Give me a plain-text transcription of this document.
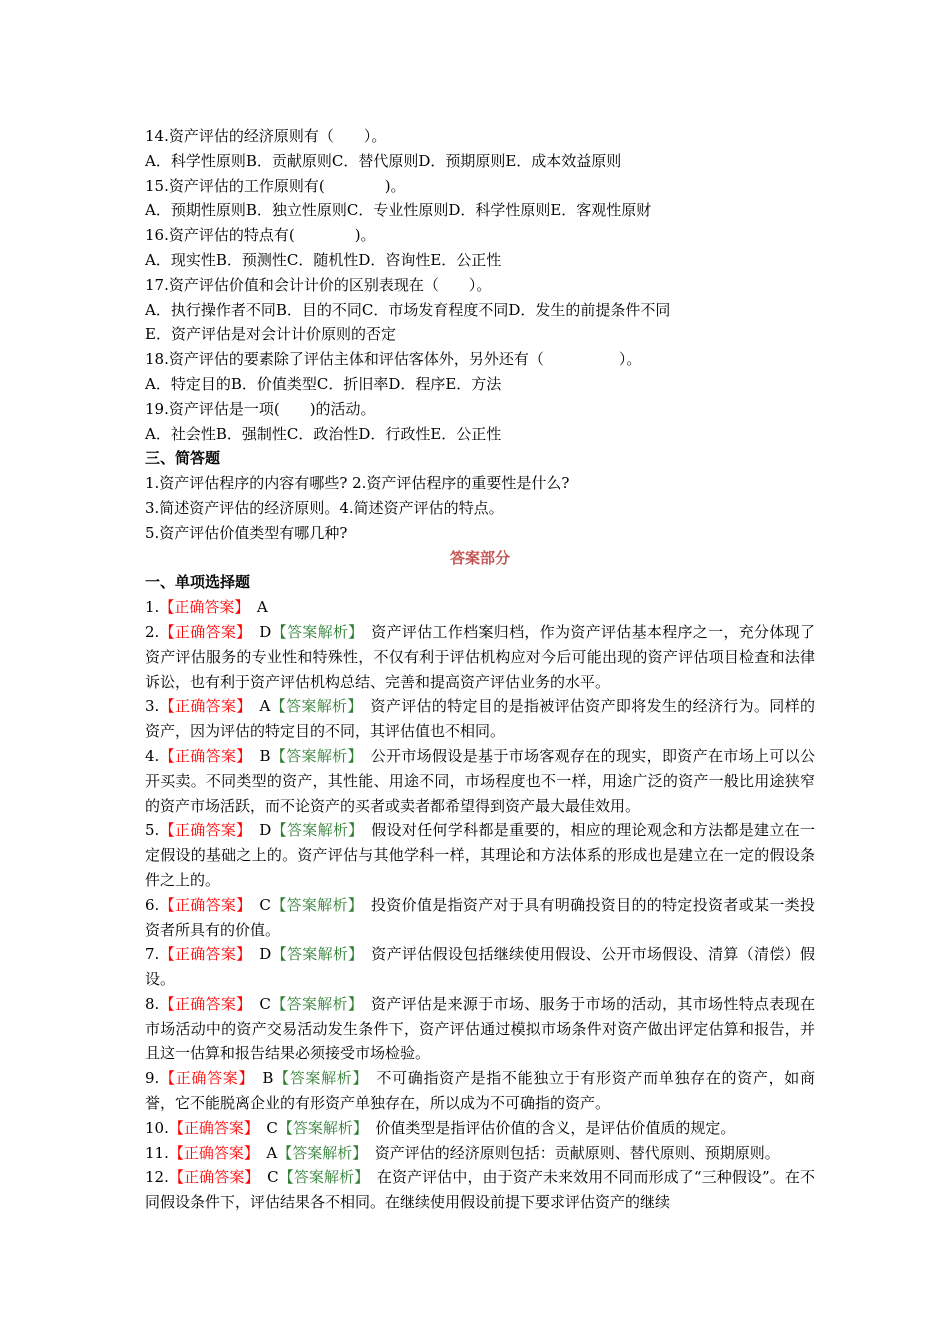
14.资产评估的经济原则有（　　）。
A．科学性原则B．贡献原则C．替代原则D．预期原则E．成本效益原则
15.资产评估的工作原则有(　　　　)。
A．预期性原则B．独立性原则C．专业性原则D．科学性原则E．客观性原财
16.资产评估的特点有(　　　　)。
A．现实性B．预测性C．随机性D．咨询性E．公正性
17.资产评估价值和会计计价的区别表现在（　　）。
A．执行操作者不同B．目的不同C．市场发育程度不同D．发生的前提条件不同
E．资产评估是对会计计价原则的否定
18.资产评估的要素除了评估主体和评估客体外，另外还有（　　　　　）。
A．特定目的B．价值类型C．折旧率D．程序E．方法
19.资产评估是一项(　　)的活动。
A．社会性B．强制性C．政治性D．行政性E．公正性
三、简答题
1.资产评估程序的内容有哪些? 2.资产评估程序的重要性是什么?
3.简述资产评估的经济原则。4.简述资产评估的特点。
5.资产评估价值类型有哪几种?
答案部分
一、单项选择题
1.【正确答案】　A
2.【正确答案】　D【答案解析】　资产评估工作档案归档，作为资产评估基本程序之一，充分体现了资产评估服务的专业性和特殊性，不仅有利于评估机构应对今后可能出现的资产评估项目检查和法律诉讼，也有利于资产评估机构总结、完善和提高资产评估业务的水平。
3.【正确答案】　A【答案解析】　资产评估的特定目的是指被评估资产即将发生的经济行为。同样的资产，因为评估的特定目的不同，其评估值也不相同。
4.【正确答案】　B【答案解析】　公开市场假设是基于市场客观存在的现实，即资产在市场上可以公开买卖。不同类型的资产，其性能、用途不同，市场程度也不一样，用途广泛的资产一般比用途狭窄的资产市场活跃，而不论资产的买者或卖者都希望得到资产最大最佳效用。
5.【正确答案】　D【答案解析】　假设对任何学科都是重要的，相应的理论观念和方法都是建立在一定假设的基础之上的。资产评估与其他学科一样，其理论和方法体系的形成也是建立在一定的假设条件之上的。
6.【正确答案】　C【答案解析】　投资价值是指资产对于具有明确投资目的的特定投资者或某一类投资者所具有的价值。
7.【正确答案】　D【答案解析】　资产评估假设包括继续使用假设、公开市场假设、清算（清偿）假设。
8.【正确答案】　C【答案解析】　资产评估是来源于市场、服务于市场的活动，其市场性特点表现在市场活动中的资产交易活动发生条件下，资产评估通过模拟市场条件对资产做出评定估算和报告，并且这一估算和报告结果必须接受市场检验。
9.【正确答案】　B【答案解析】　不可确指资产是指不能独立于有形资产而单独存在的资产，如商誉，它不能脱离企业的有形资产单独存在，所以成为不可确指的资产。
10.【正确答案】　C【答案解析】　价值类型是指评估价值的含义，是评估价值质的规定。
11.【正确答案】　A【答案解析】　资产评估的经济原则包括：贡献原则、替代原则、预期原则。
12.【正确答案】　C【答案解析】　在资产评估中，由于资产未来效用不同而形成了“三种假设”。在不同假设条件下，评估结果各不相同。在继续使用假设前提下要求评估资产的继续
